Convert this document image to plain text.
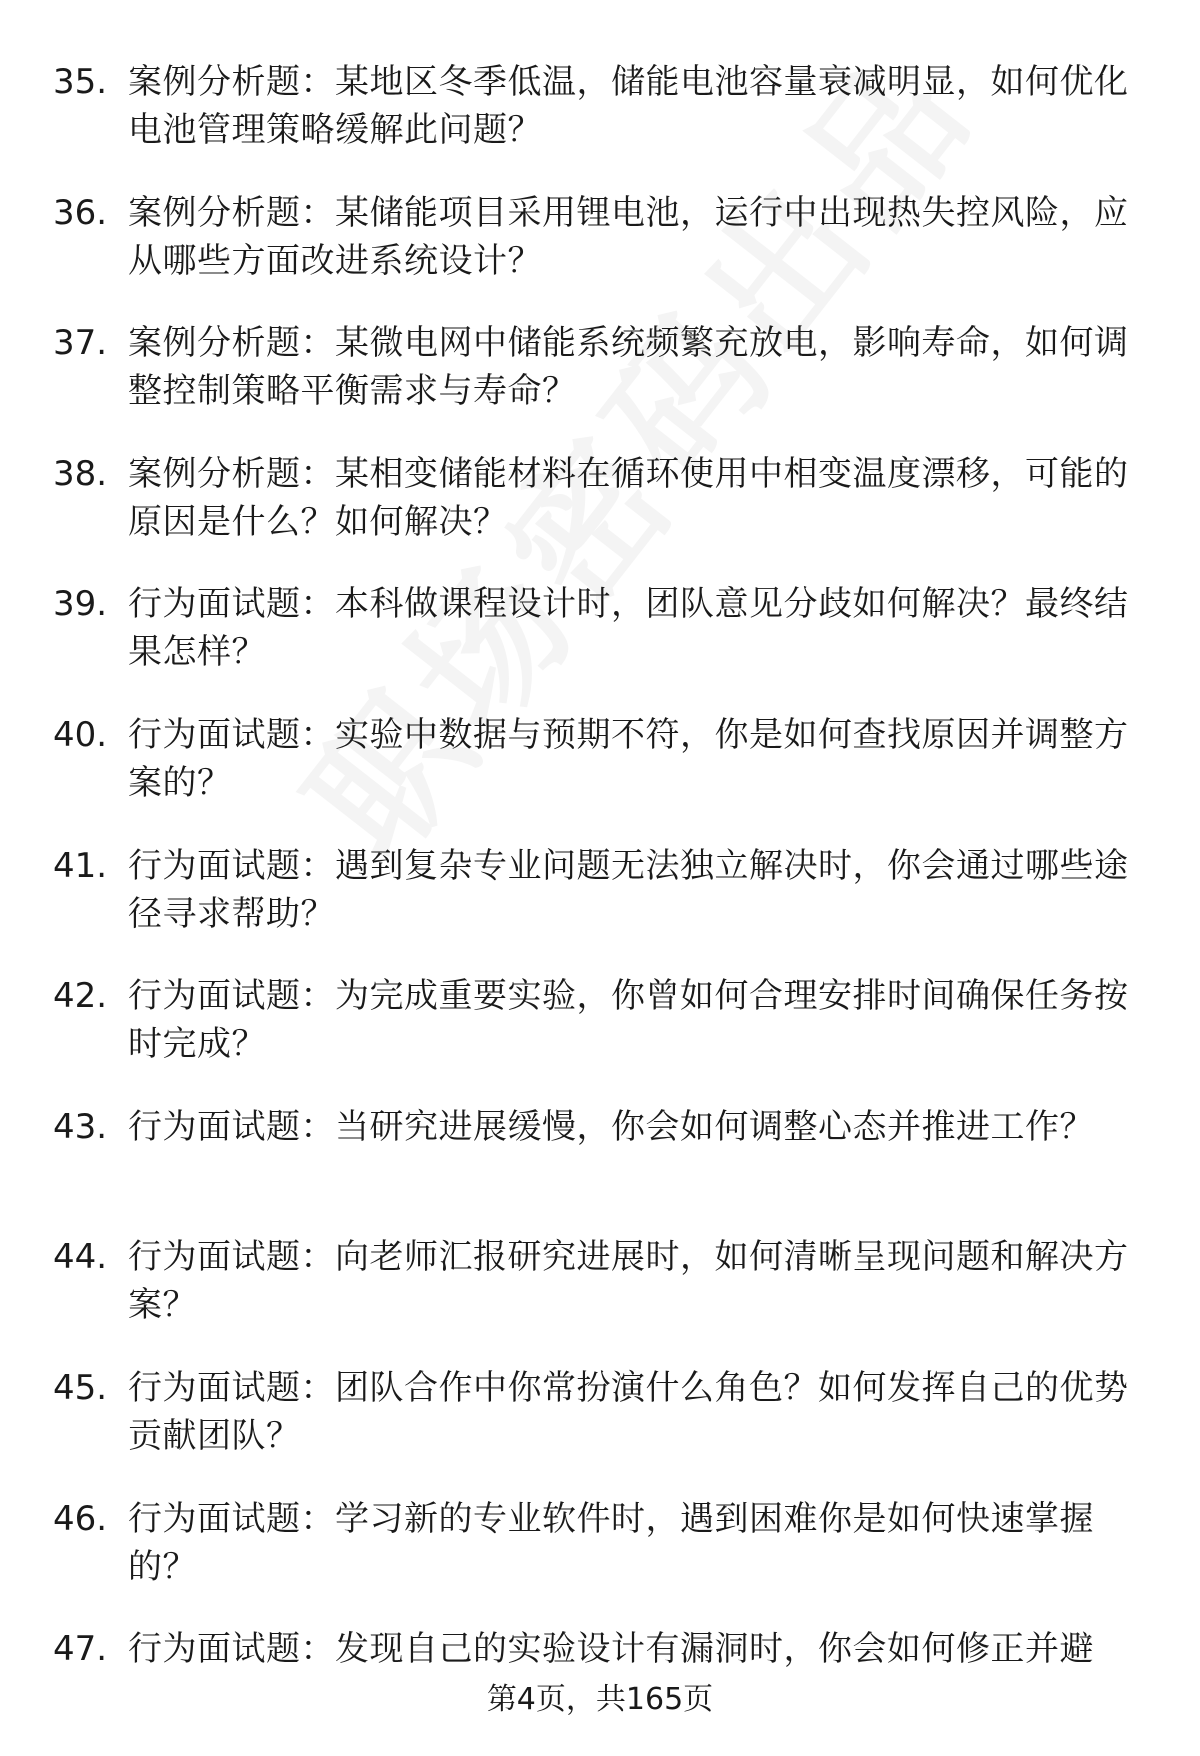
35. 案例分析题：某地区冬季低温，储能电池容量衰减明显，如何优化电池管理策略缓解此问题？
36. 案例分析题：某储能项目采用锂电池，运行中出现热失控风险，应从哪些方面改进系统设计？
37. 案例分析题：某微电网中储能系统频繁充放电，影响寿命，如何调整控制策略平衡需求与寿命？
38. 案例分析题：某相变储能材料在循环使用中相变温度漂移，可能的原因是什么？如何解决？
39. 行为面试题：本科做课程设计时，团队意见分歧如何解决？最终结果怎样？
40. 行为面试题：实验中数据与预期不符，你是如何查找原因并调整方案的？
41. 行为面试题：遇到复杂专业问题无法独立解决时，你会通过哪些途径寻求帮助？
42. 行为面试题：为完成重要实验，你曾如何合理安排时间确保任务按时完成？
43. 行为面试题：当研究进展缓慢，你会如何调整心态并推进工作？
44. 行为面试题：向老师汇报研究进展时，如何清晰呈现问题和解决方案？
45. 行为面试题：团队合作中你常扮演什么角色？如何发挥自己的优势贡献团队？
46. 行为面试题：学习新的专业软件时，遇到困难你是如何快速掌握的？
47. 行为面试题：发现自己的实验设计有漏洞时，你会如何修正并避
第4页，共165页
